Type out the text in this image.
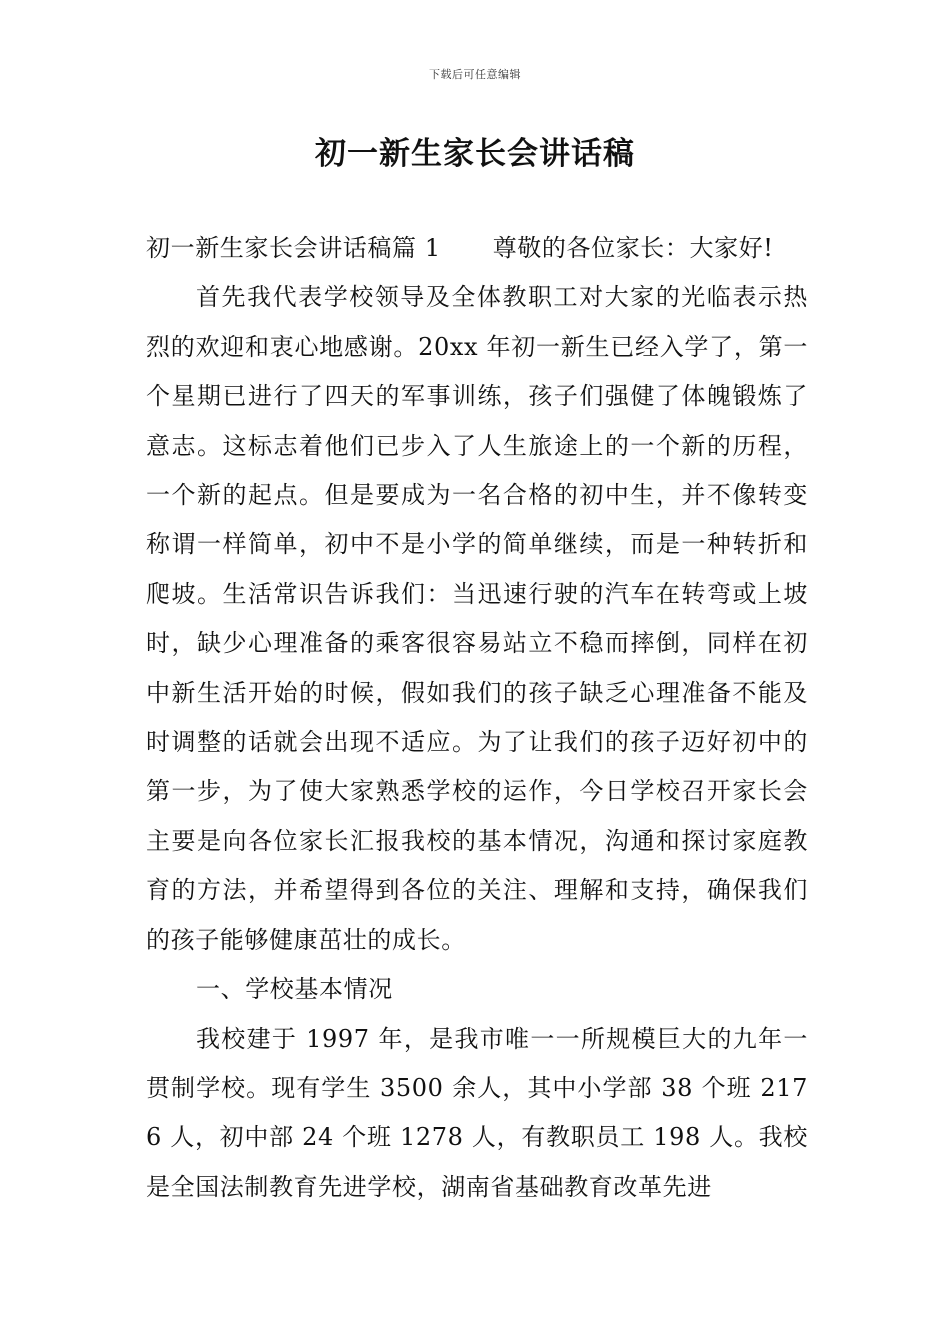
下载后可任意编辑
初一新生家长会讲话稿

初一新生家长会讲话稿篇 1 尊敬的各位家长：大家好!

首先我代表学校领导及全体教职工对大家的光临表示热烈的欢迎和衷心地感谢。20xx 年初一新生已经入学了，第一个星期已进行了四天的军事训练，孩子们强健了体魄锻炼了意志。这标志着他们已步入了人生旅途上的一个新的历程，一个新的起点。但是要成为一名合格的初中生，并不像转变称谓一样简单，初中不是小学的简单继续，而是一种转折和爬坡。生活常识告诉我们：当迅速行驶的汽车在转弯或上坡时，缺少心理准备的乘客很容易站立不稳而摔倒，同样在初中新生活开始的时候，假如我们的孩子缺乏心理准备不能及时调整的话就会出现不适应。为了让我们的孩子迈好初中的第一步，为了使大家熟悉学校的运作，今日学校召开家长会主要是向各位家长汇报我校的基本情况，沟通和探讨家庭教育的方法，并希望得到各位的关注、理解和支持，确保我们的孩子能够健康茁壮的成长。

一、学校基本情况

我校建于 1997 年，是我市唯一一所规模巨大的九年一贯制学校。现有学生 3500 余人，其中小学部 38 个班 2176 人，初中部 24 个班 1278 人，有教职员工 198 人。我校是全国法制教育先进学校，湖南省基础教育改革先进
